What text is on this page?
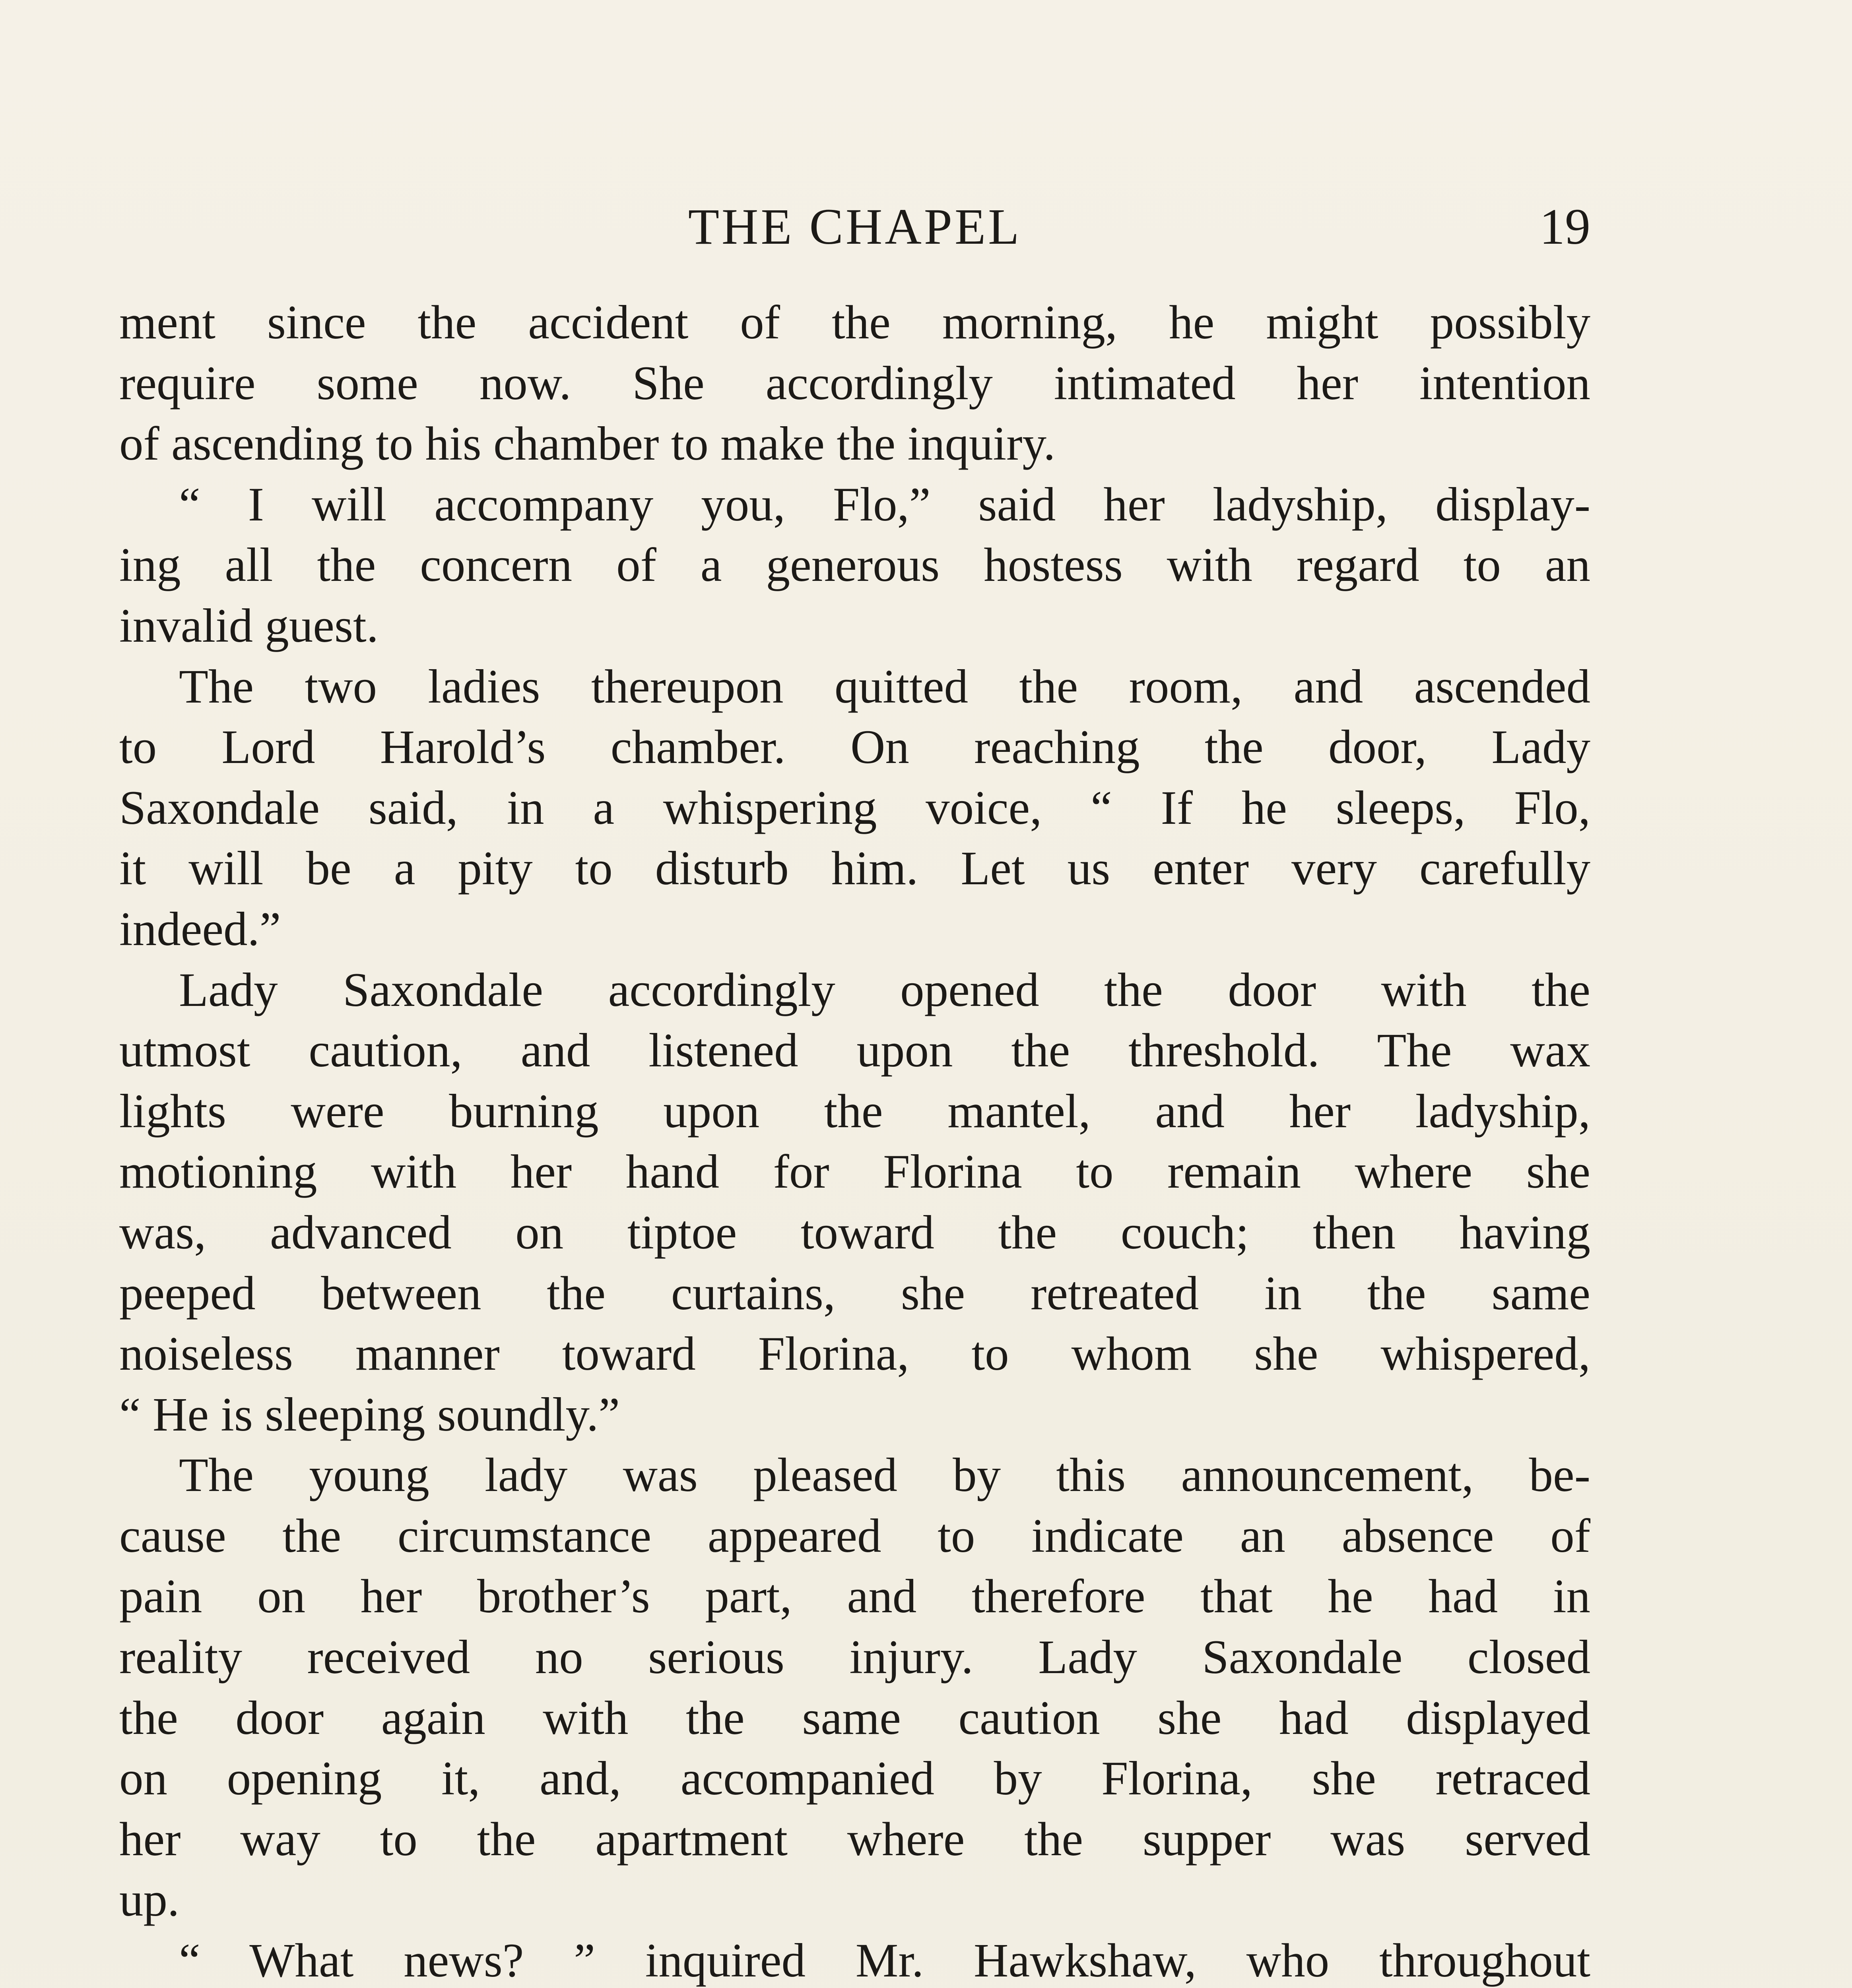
THE CHAPEL	19
ment since the accident of the morning, he might possibly
require some now. She accordingly intimated her intention
of ascending to his chamber to make the inquiry.
“ I will accompany you, Flo,” said her ladyship, display-
ing all the concern of a generous hostess with regard to an
invalid guest.
The two ladies thereupon quitted the room, and ascended
to Lord Harold’s chamber. On reaching the door, Lady
Saxondale said, in a whispering voice, “ If he sleeps, Flo,
it will be a pity to disturb him. Let us enter very carefully
indeed.”
Lady Saxondale accordingly opened the door with the
utmost caution, and listened upon the threshold. The wax
lights were burning upon the mantel, and her ladyship,
motioning with her hand for Florina to remain where she
was, advanced on tiptoe toward the couch; then having
peeped between the curtains, she retreated in the same
noiseless manner toward Florina, to whom she whispered,
“ He is sleeping soundly.”
The young lady was pleased by this announcement, be-
cause the circumstance appeared to indicate an absence of
pain on her brother’s part, and therefore that he had in
reality received no serious injury. Lady Saxondale closed
the door again with the same caution she had displayed
on opening it, and, accompanied by Florina, she retraced
her way to the apartment where the supper was served
up.
“ What news? ” inquired Mr. Hawkshaw, who throughout
